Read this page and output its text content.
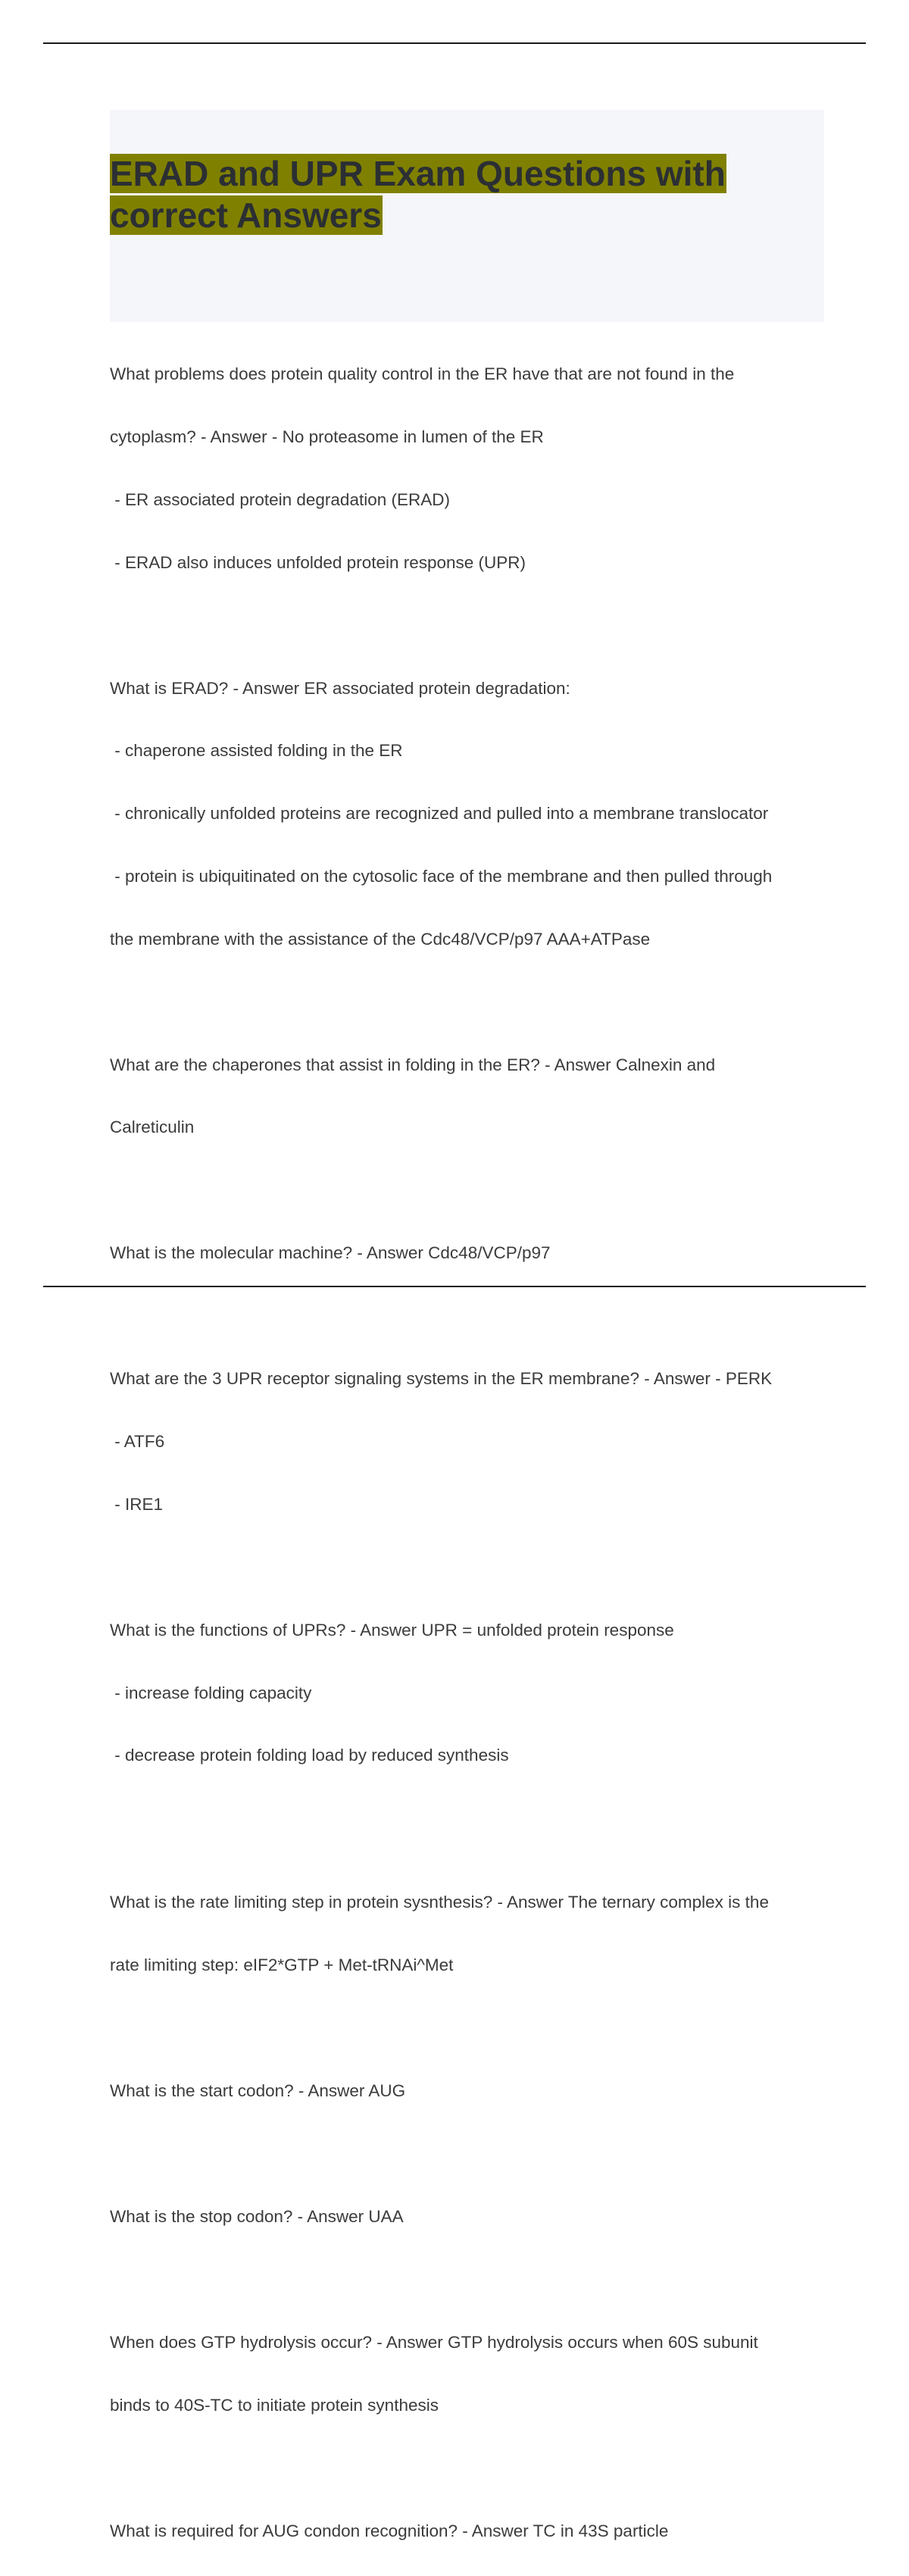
ERAD and UPR Exam Questions with correct Answers

What problems does protein quality control in the ER have that are not found in the

cytoplasm? - Answer - No proteasome in lumen of the ER

- ER associated protein degradation (ERAD)

- ERAD also induces unfolded protein response (UPR)

What is ERAD? - Answer ER associated protein degradation:

- chaperone assisted folding in the ER

- chronically unfolded proteins are recognized and pulled into a membrane translocator

- protein is ubiquitinated on the cytosolic face of the membrane and then pulled through

the membrane with the assistance of the Cdc48/VCP/p97 AAA+ATPase

What are the chaperones that assist in folding in the ER? - Answer Calnexin and

Calreticulin

What is the molecular machine? - Answer Cdc48/VCP/p97

What are the 3 UPR receptor signaling systems in the ER membrane? - Answer - PERK

- ATF6

- IRE1

What is the functions of UPRs? - Answer UPR = unfolded protein response

- increase folding capacity

- decrease protein folding load by reduced synthesis

What is the rate limiting step in protein sysnthesis? - Answer The ternary complex is the

rate limiting step: eIF2*GTP + Met-tRNAi^Met

What is the start codon? - Answer AUG

What is the stop codon? - Answer UAA

When does GTP hydrolysis occur? - Answer GTP hydrolysis occurs when 60S subunit

binds to 40S-TC to initiate protein synthesis

What is required for AUG condon recognition? - Answer TC in 43S particle
